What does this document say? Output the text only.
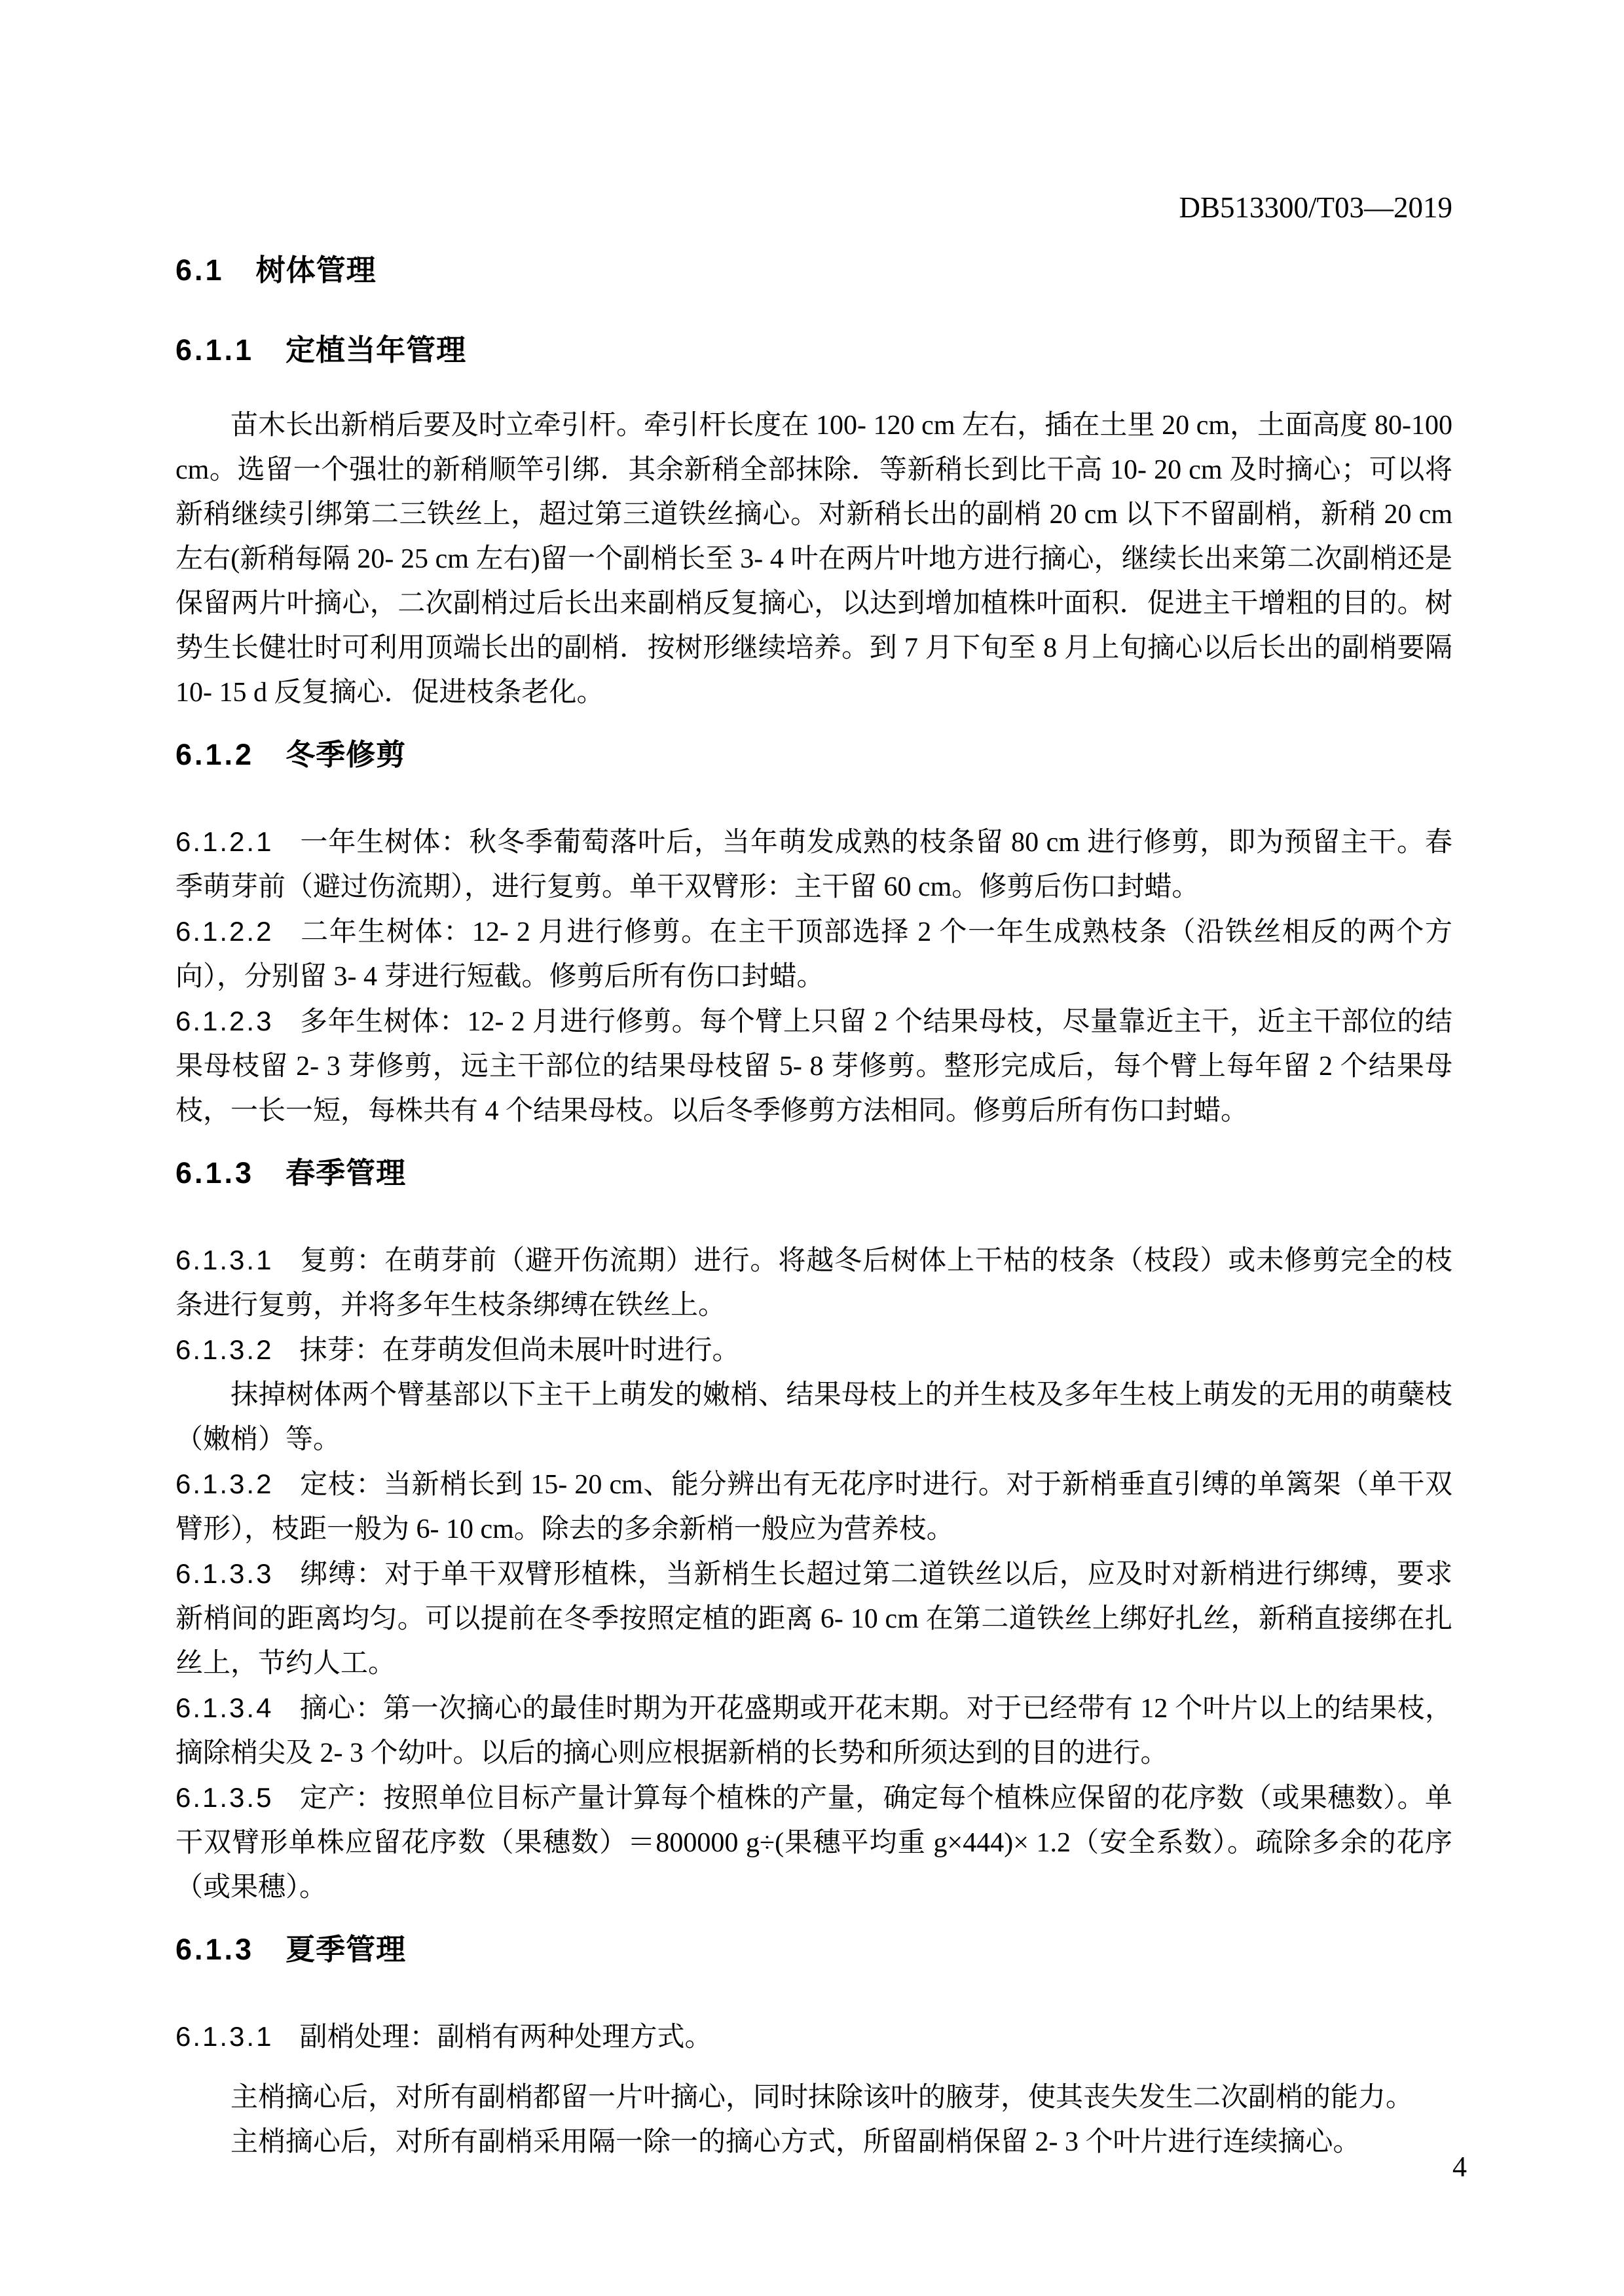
DB513300/T03—2019
6.1 树体管理
6.1.1 定植当年管理

苗木长出新梢后要及时立牵引杆。牵引杆长度在 100- 120 cm 左右，插在土里 20 cm，土面高度 80-100 cm。选留一个强壮的新稍顺竿引绑．其余新稍全部抹除．等新稍长到比干高 10- 20 cm 及时摘心；可以将新稍继续引绑第二三铁丝上，超过第三道铁丝摘心。对新稍长出的副梢 20 cm 以下不留副梢，新稍 20 cm 左右(新稍每隔 20- 25 cm 左右)留一个副梢长至 3- 4 叶在两片叶地方进行摘心，继续长出来第二次副梢还是保留两片叶摘心，二次副梢过后长出来副梢反复摘心，以达到增加植株叶面积．促进主干增粗的目的。树势生长健壮时可利用顶端长出的副梢．按树形继续培养。到 7 月下旬至 8 月上旬摘心以后长出的副梢要隔 10- 15 d 反复摘心．促进枝条老化。

6.1.2 冬季修剪

6.1.2.1 一年生树体：秋冬季葡萄落叶后，当年萌发成熟的枝条留 80 cm 进行修剪，即为预留主干。春季萌芽前（避过伤流期），进行复剪。单干双臂形：主干留 60 cm。修剪后伤口封蜡。

6.1.2.2 二年生树体：12- 2 月进行修剪。在主干顶部选择 2 个一年生成熟枝条（沿铁丝相反的两个方向），分别留 3- 4 芽进行短截。修剪后所有伤口封蜡。

6.1.2.3 多年生树体：12- 2 月进行修剪。每个臂上只留 2 个结果母枝，尽量靠近主干，近主干部位的结果母枝留 2- 3 芽修剪，远主干部位的结果母枝留 5- 8 芽修剪。整形完成后，每个臂上每年留 2 个结果母枝，一长一短，每株共有 4 个结果母枝。以后冬季修剪方法相同。修剪后所有伤口封蜡。

6.1.3 春季管理

6.1.3.1 复剪：在萌芽前（避开伤流期）进行。将越冬后树体上干枯的枝条（枝段）或未修剪完全的枝条进行复剪，并将多年生枝条绑缚在铁丝上。

6.1.3.2 抹芽：在芽萌发但尚未展叶时进行。

抹掉树体两个臂基部以下主干上萌发的嫩梢、结果母枝上的并生枝及多年生枝上萌发的无用的萌蘖枝（嫩梢）等。

6.1.3.2 定枝：当新梢长到 15- 20 cm、能分辨出有无花序时进行。对于新梢垂直引缚的单篱架（单干双臂形），枝距一般为 6- 10 cm。除去的多余新梢一般应为营养枝。

6.1.3.3 绑缚：对于单干双臂形植株，当新梢生长超过第二道铁丝以后，应及时对新梢进行绑缚，要求新梢间的距离均匀。可以提前在冬季按照定植的距离 6- 10 cm 在第二道铁丝上绑好扎丝，新稍直接绑在扎丝上，节约人工。

6.1.3.4 摘心：第一次摘心的最佳时期为开花盛期或开花末期。对于已经带有 12 个叶片以上的结果枝，摘除梢尖及 2- 3 个幼叶。以后的摘心则应根据新梢的长势和所须达到的目的进行。

6.1.3.5 定产：按照单位目标产量计算每个植株的产量，确定每个植株应保留的花序数（或果穗数）。单干双臂形单株应留花序数（果穗数）＝800000 g÷(果穗平均重 g×444)× 1.2（安全系数）。疏除多余的花序（或果穗）。

6.1.3 夏季管理

6.1.3.1 副梢处理：副梢有两种处理方式。

主梢摘心后，对所有副梢都留一片叶摘心，同时抹除该叶的腋芽，使其丧失发生二次副梢的能力。

主梢摘心后，对所有副梢采用隔一除一的摘心方式，所留副梢保留 2- 3 个叶片进行连续摘心。

4
